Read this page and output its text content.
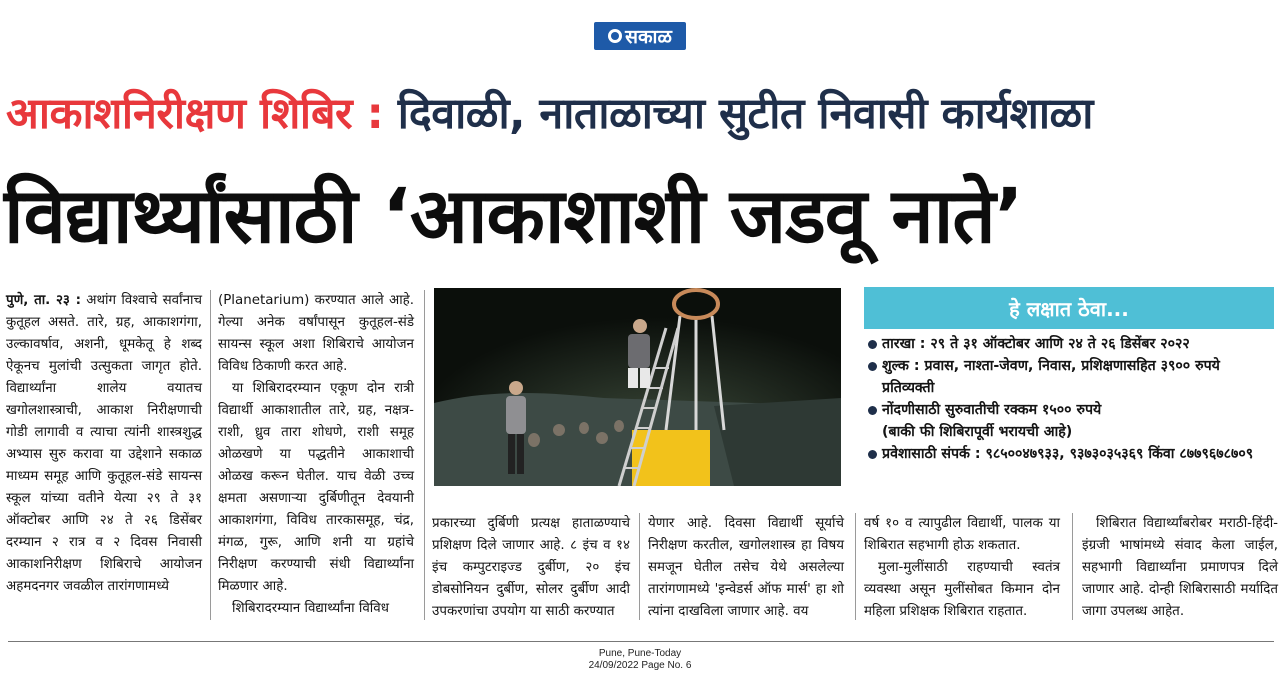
सकाळ
आकाशनिरीक्षण शिबिर : दिवाळी, नाताळाच्या सुटीत निवासी कार्यशाळा
विद्यार्थ्यांसाठी ‘आकाशाशी जडवू नाते’

पुणे, ता. २३ : अथांग विश्‍वाचे सर्वांनाच कुतूहल असते. तारे, ग्रह, आकाशगंगा, उल्कावर्षाव, अशनी, धूमकेतू हे शब्द ऐकूनच मुलांची उत्सुकता जागृत होते. विद्यार्थ्यांना शालेय वयातच खगोलशास्त्राची, आकाश निरीक्षणाची गोडी लागावी व त्याचा त्यांनी शास्त्रशुद्ध अभ्यास सुरु करावा या उद्देशाने सकाळ माध्यम समूह आणि कुतूहल-संडे सायन्स स्कूल यांच्या वतीने येत्या २९ ते ३१ ऑक्टोबर आणि २४ ते २६ डिसेंबर दरम्यान २ रात्र व २ दिवस निवासी आकाशनिरीक्षण शिबिराचे आयोजन अहमदनगर जवळील तारांगणामध्ये

(Planetarium) करण्यात आले आहे. गेल्या अनेक वर्षांपासून कुतूहल-संडे सायन्स स्कूल अशा शिबिराचे आयोजन विविध ठिकाणी करत आहे.

या शिबिरादरम्यान एकूण दोन रात्री विद्यार्थी आकाशातील तारे, ग्रह, नक्षत्र-राशी, ध्रुव तारा शोधणे, राशी समूह ओळखणे या पद्धतीने आकाशाची ओळख करून घेतील. याच वेळी उच्च क्षमता असणाऱ्या दुर्बिणीतून देवयानी आकाशगंगा, विविध तारकासमूह, चंद्र, मंगळ, गुरू, आणि शनी या ग्रहांचे निरीक्षण करण्याची संधी विद्यार्थ्यांना मिळणार आहे.

शिबिरादरम्यान विद्यार्थ्यांना विविध

हे लक्षात ठेवा...
तारखा : २९ ते ३१ ऑक्टोबर आणि २४ ते २६ डिसेंबर २०२२
शुल्क : प्रवास, नाश्ता-जेवण, निवास, प्रशिक्षणासहित ३९०० रुपये प्रतिव्यक्ती
नोंदणीसाठी सुरुवातीची रक्कम १५०० रुपये
(बाकी फी शिबिरापूर्वी भरायची आहे)
प्रवेशासाठी संपर्क : ९८५००४७९३३, ९३७३०३५३६९ किंवा ८७७९६७८७०९

प्रकारच्या दुर्बिणी प्रत्यक्ष हाताळण्याचे प्रशिक्षण दिले जाणार आहे. ८ इंच व १४ इंच कम्पुटराइज्ड दुर्बीण, २० इंच डोबसोनियन दुर्बीण, सोलर दुर्बीण आदी उपकरणांचा उपयोग या साठी करण्यात

येणार आहे. दिवसा विद्यार्थी सूर्याचे निरीक्षण करतील, खगोलशास्त्र हा विषय समजून घेतील तसेच येथे असलेल्या तारांगणामध्ये 'इन्वेडर्स ऑफ मार्स' हा शो त्यांना दाखविला जाणार आहे. वय

वर्ष १० व त्यापुढील विद्यार्थी, पालक या शिबिरात सहभागी होऊ शकतात.

मुला-मुलींसाठी राहण्याची स्वतंत्र व्यवस्था असून मुलींसोबत किमान दोन महिला प्रशिक्षक शिबिरात राहतात.

शिबिरात विद्यार्थ्यांबरोबर मराठी-हिंदी-इंग्रजी भाषांमध्ये संवाद केला जाईल, सहभागी विद्यार्थ्यांना प्रमाणपत्र दिले जाणार आहे. दोन्ही शिबिरासाठी मर्यादित जागा उपलब्ध आहेत.

Pune, Pune-Today
24/09/2022 Page No. 6
